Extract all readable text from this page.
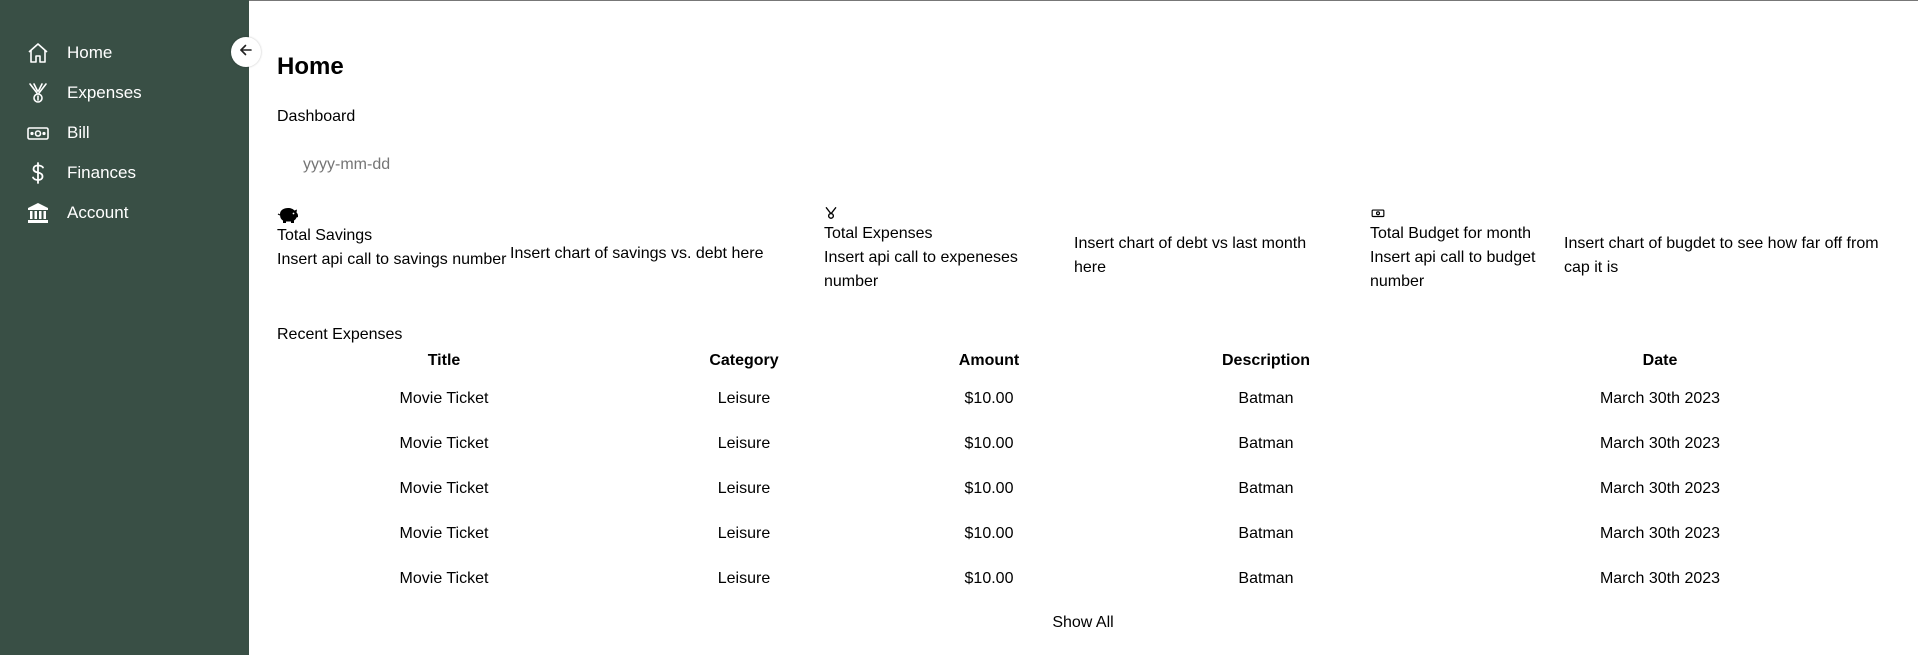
Home
Expenses
Bill
Finances
Account
Home
Dashboard
yyyy-mm-dd
Total Savings
Insert api call to savings number Insert chart of savings vs. debt here
Total Expenses
Insert api call to expeneses number
Insert chart of debt vs last month here
Total Budget for month
Insert api call to budget number
Insert chart of bugdet to see how far off from cap it is
Recent Expenses
Title	Category	Amount	Description	Date
Movie Ticket	Leisure	$10.00	Batman	March 30th 2023
Movie Ticket	Leisure	$10.00	Batman	March 30th 2023
Movie Ticket	Leisure	$10.00	Batman	March 30th 2023
Movie Ticket	Leisure	$10.00	Batman	March 30th 2023
Movie Ticket	Leisure	$10.00	Batman	March 30th 2023
Show All
